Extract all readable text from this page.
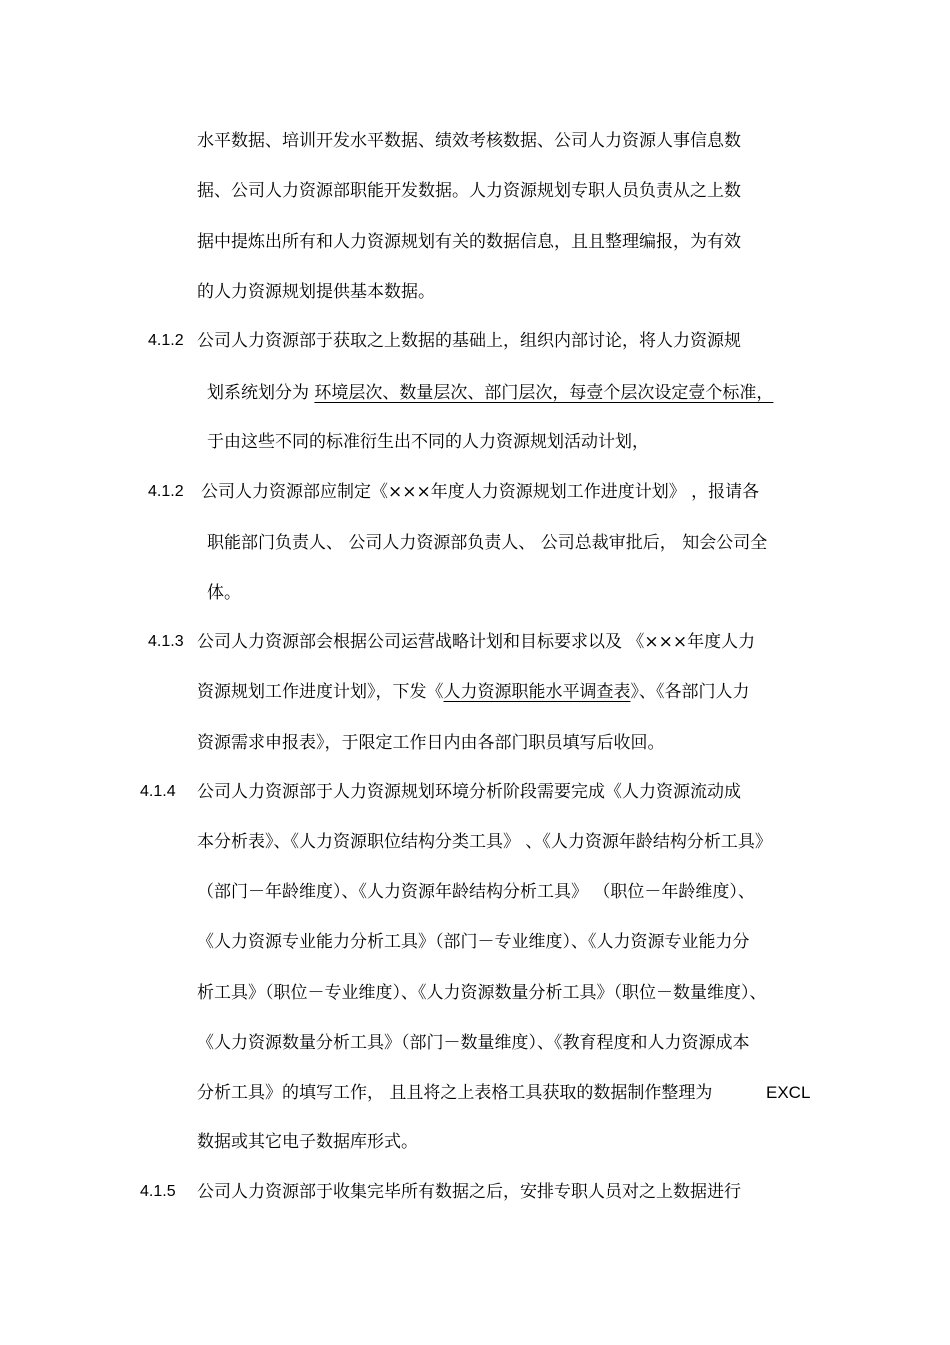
水平数据、培训开发水平数据、绩效考核数据、公司人力资源人事信息数
据、公司人力资源部职能开发数据。人力资源规划专职人员负责从之上数
据中提炼出所有和人力资源规划有关的数据信息，且且整理编报，为有效
的人力资源规划提供基本数据。
4.1.2 公司人力资源部于获取之上数据的基础上，组织内部讨论，将人力资源规
划系统划分为 环境层次、数量层次、部门层次，每壹个层次设定壹个标准，
于由这些不同的标准衍生出不同的人力资源规划活动计划，
4.1.2 公司人力资源部应制定《×××年度人力资源规划工作进度计划》 ，报请各
职能部门负责人、 公司人力资源部负责人、 公司总裁审批后， 知会公司全
体。
4.1.3 公司人力资源部会根据公司运营战略计划和目标要求以及 《×××年度人力
资源规划工作进度计划》，下发《人力资源职能水平调查表》、《各部门人力
资源需求申报表》，于限定工作日内由各部门职员填写后收回。
4.1.4 公司人力资源部于人力资源规划环境分析阶段需要完成《人力资源流动成
本分析表》、《人力资源职位结构分类工具》 、《人力资源年龄结构分析工具》
（部门－年龄维度）、《人力资源年龄结构分析工具》 （职位－年龄维度）、
《人力资源专业能力分析工具》（部门－专业维度）、《人力资源专业能力分
析工具》（职位－专业维度）、《人力资源数量分析工具》（职位－数量维度）、
《人力资源数量分析工具》（部门－数量维度）、《教育程度和人力资源成本
分析工具》的填写工作， 且且将之上表格工具获取的数据制作整理为	EXCL
数据或其它电子数据库形式。
4.1.5 公司人力资源部于收集完毕所有数据之后，安排专职人员对之上数据进行
